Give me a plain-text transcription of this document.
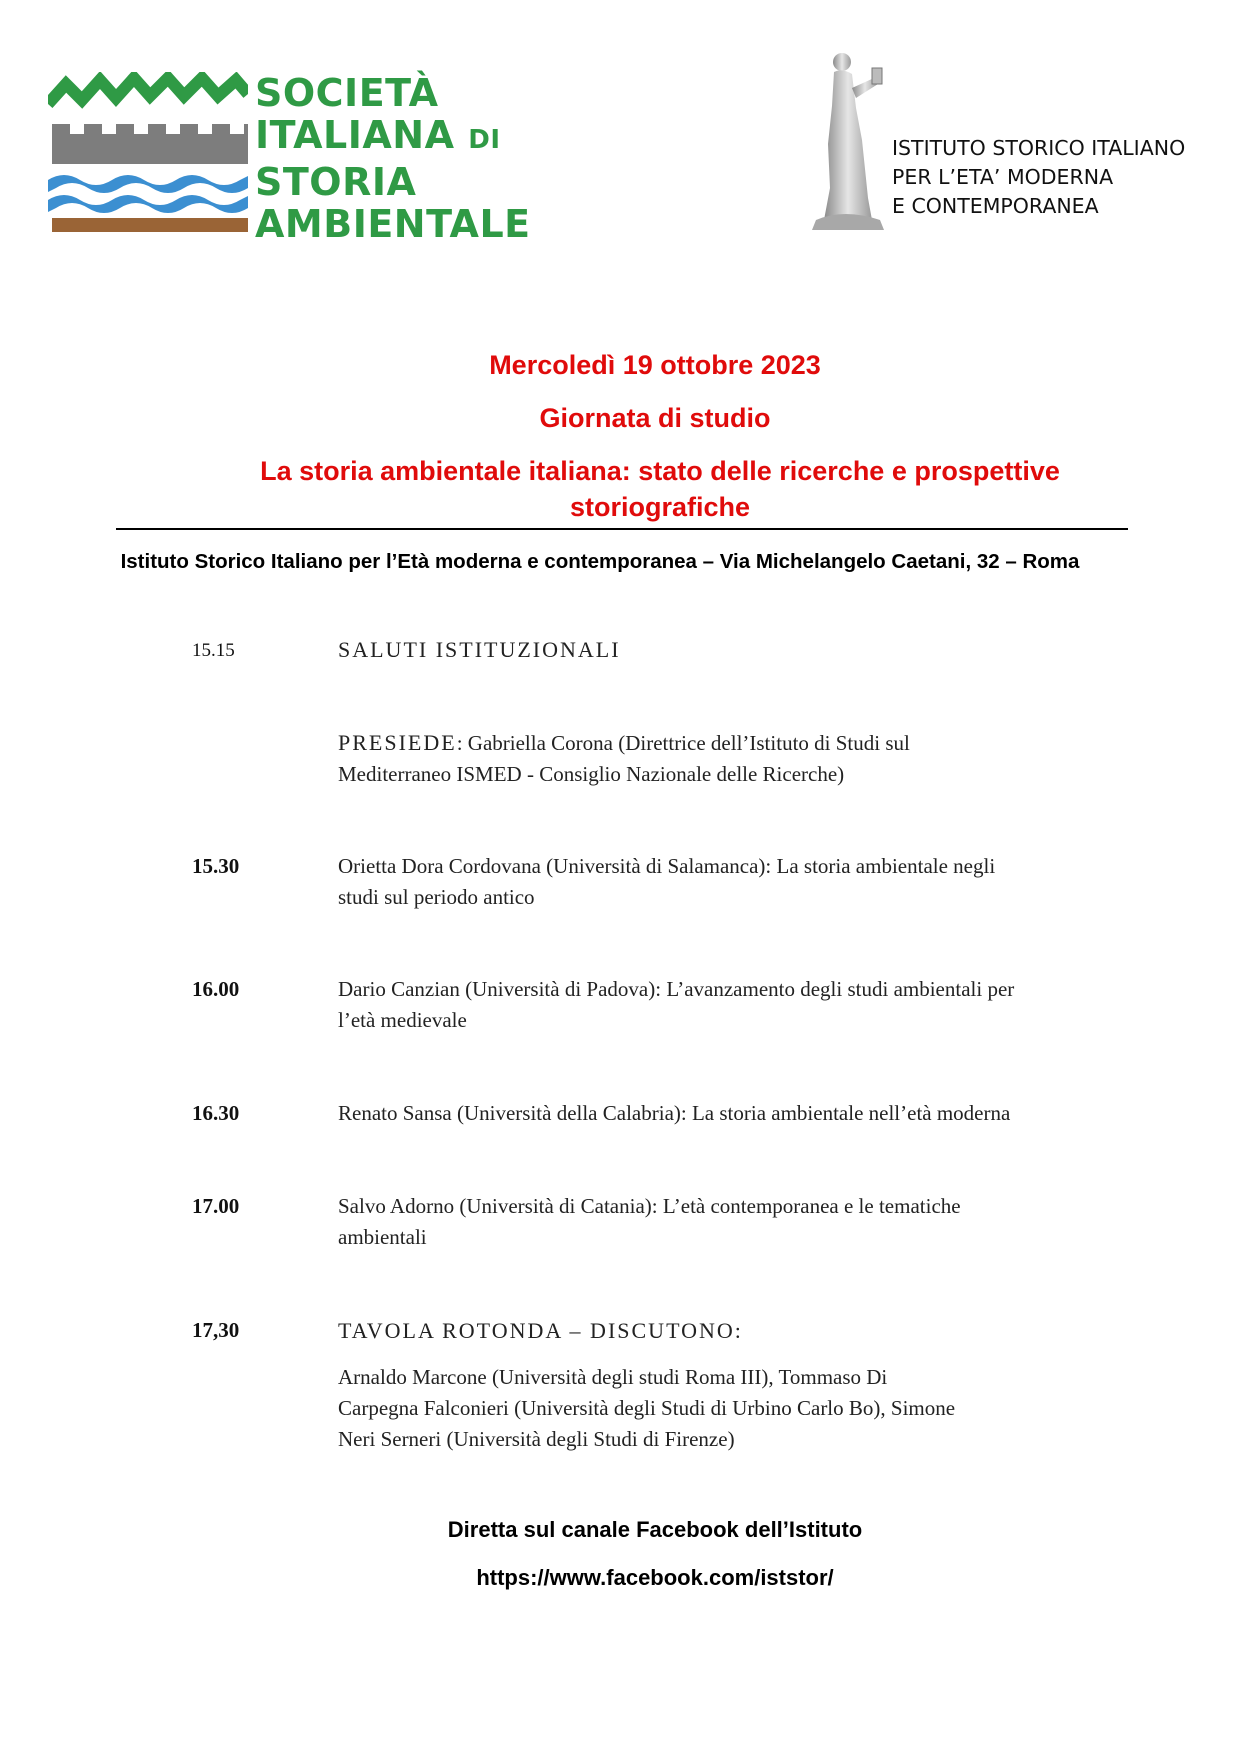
SOCIETÀ
ITALIANA DI
STORIA
AMBIENTALE
ISTITUTO STORICO ITALIANO
PER L’ETA’ MODERNA
E CONTEMPORANEA
Mercoledì 19 ottobre 2023
Giornata di studio
La storia ambientale italiana: stato delle ricerche e prospettive
storiografiche
Istituto Storico Italiano per l’Età moderna e contemporanea – Via Michelangelo Caetani, 32 – Roma
15.15	SALUTI ISTITUZIONALI
PRESIEDE: Gabriella Corona (Direttrice dell’Istituto di Studi sul
Mediterraneo ISMED - Consiglio Nazionale delle Ricerche)
15.30	Orietta Dora Cordovana (Università di Salamanca): La storia ambientale negli
studi sul periodo antico
16.00	Dario Canzian (Università di Padova): L’avanzamento degli studi ambientali per
l’età medievale
16.30	Renato Sansa (Università della Calabria): La storia ambientale nell’età moderna
17.00	Salvo Adorno (Università di Catania): L’età contemporanea e le tematiche
ambientali
17,30	TAVOLA ROTONDA – DISCUTONO:
Arnaldo Marcone (Università degli studi Roma III), Tommaso Di
Carpegna Falconieri (Università degli Studi di Urbino Carlo Bo), Simone
Neri Serneri (Università degli Studi di Firenze)
Diretta sul canale Facebook dell’Istituto
https://www.facebook.com/iststor/
